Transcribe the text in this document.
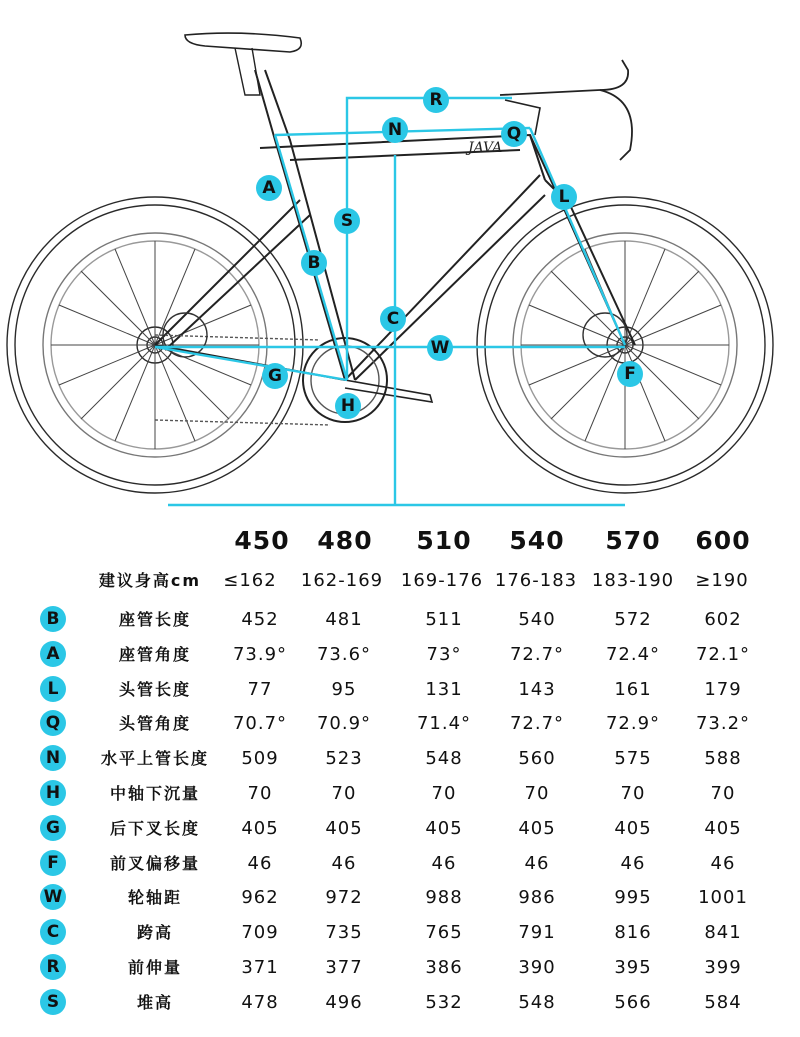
JAVA
R
N	Q
A	L
S
B
C
W
G	F
H
450 480 510 540 570 600
建议身高cm	≤162 162-169 169-176 176-183 183-190 ≥190
B	座管长度	452	481	511	540	572	602
A	座管角度	73.9° 73.6°	73°	72.7° 72.4° 72.1°
L	头管长度	77	95	131	143	161	179
Q	头管角度	70.7° 70.9°	71.4° 72.7° 72.9° 73.2°
N	水平上管长度	509	523	548	560	575	588
H	中轴下沉量	70	70	70	70	70	70
G	后下叉长度	405	405	405	405	405	405
F	前叉偏移量	46	46	46	46	46	46
W	轮轴距	962	972	988	986	995	1001
C	跨高	709	735	765	791	816	841
R	前伸量	371	377	386	390	395	399
S	堆高	478	496	532	548	566	584
